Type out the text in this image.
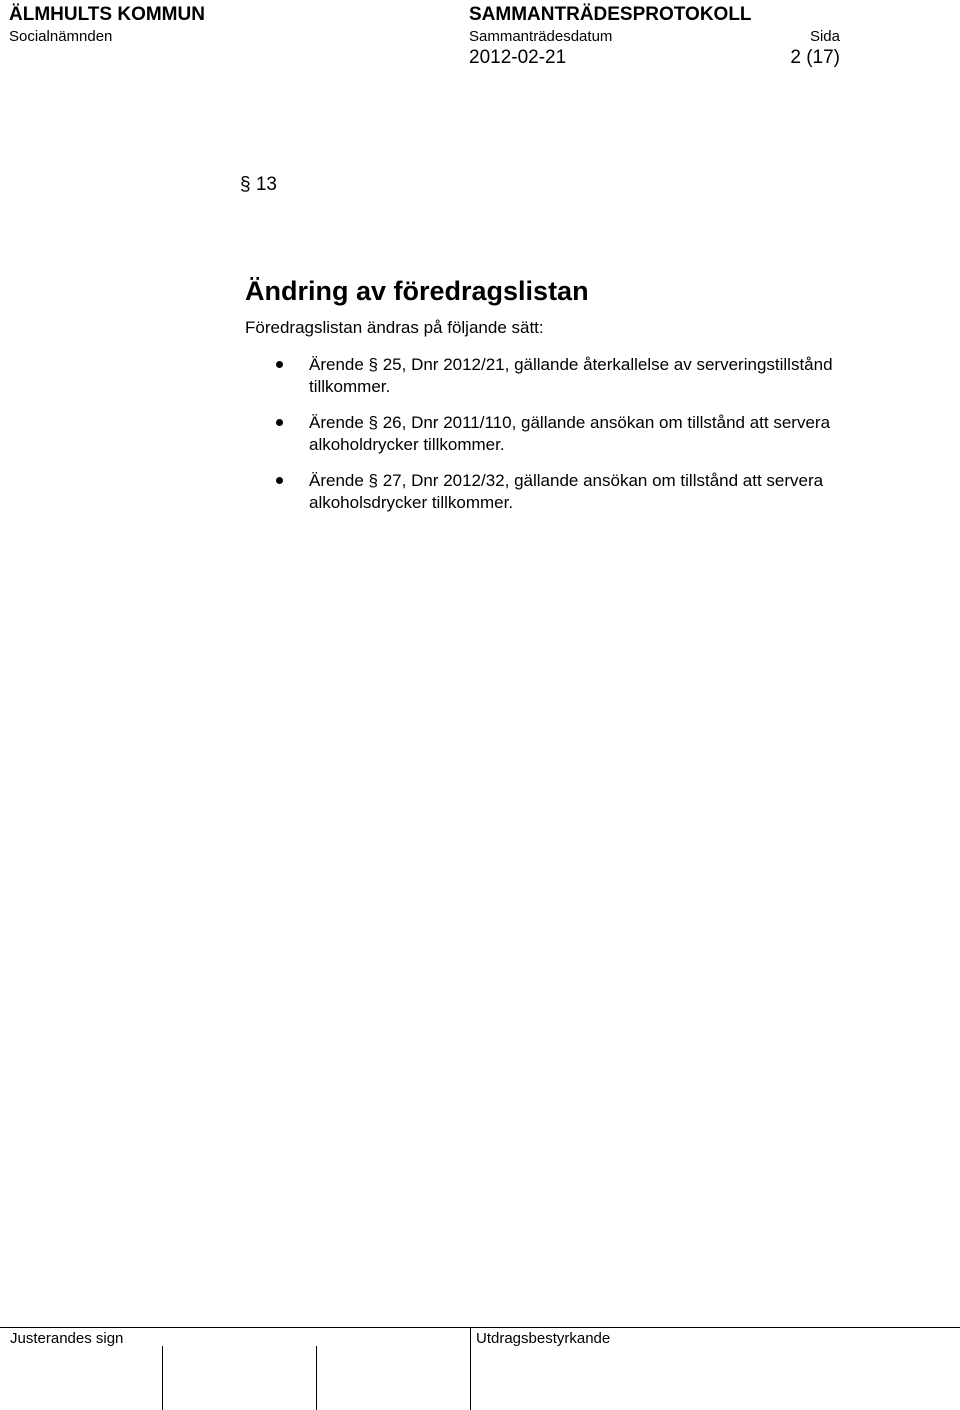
ÄLMHULTS KOMMUN	SAMMANTRÄDESPROTOKOLL
Socialnämnden	Sammanträdesdatum	Sida
2012-02-21	2 (17)
§ 13
Ändring av föredragslistan
Föredragslistan ändras på följande sätt:
Ärende § 25, Dnr 2012/21, gällande återkallelse av serveringstillstånd tillkommer.
Ärende § 26, Dnr 2011/110, gällande ansökan om tillstånd att servera alkoholdrycker tillkommer.
Ärende § 27, Dnr 2012/32, gällande ansökan om tillstånd att servera alkoholsdrycker tillkommer.
Justerandes sign	Utdragsbestyrkande
